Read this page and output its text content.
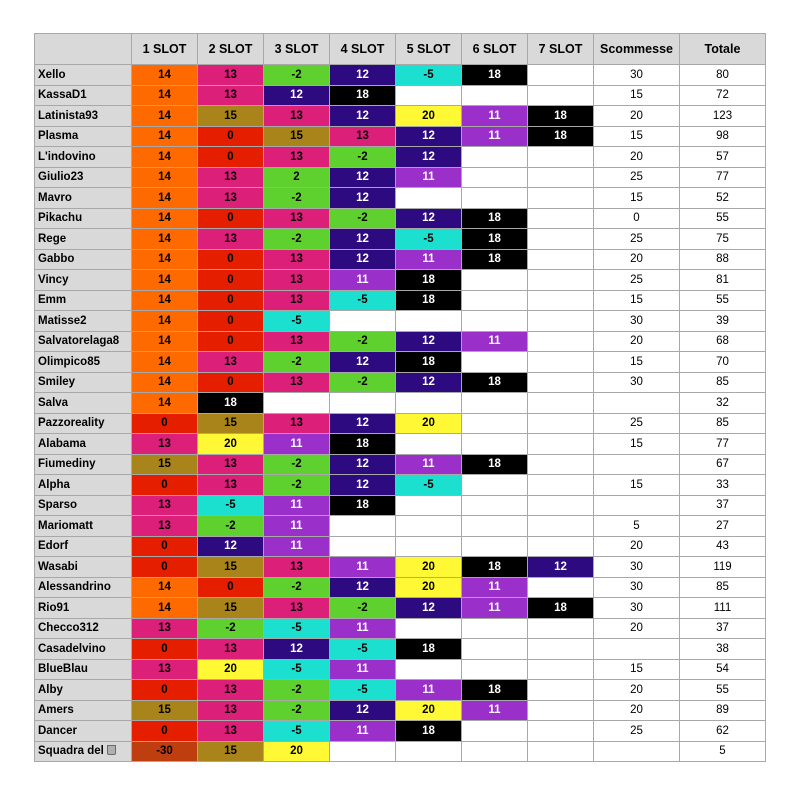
	1 SLOT	2 SLOT	3 SLOT	4 SLOT	5 SLOT	6 SLOT	7 SLOT	Scommesse	Totale
Xello	14	13	-2	12	-5	18		30	80
KassaD1	14	13	12	18				15	72
Latinista93	14	15	13	12	20	11	18	20	123
Plasma	14	0	15	13	12	11	18	15	98
L'indovino	14	0	13	-2	12			20	57
Giulio23	14	13	2	12	11			25	77
Mavro	14	13	-2	12				15	52
Pikachu	14	0	13	-2	12	18		0	55
Rege	14	13	-2	12	-5	18		25	75
Gabbo	14	0	13	12	11	18		20	88
Vincy	14	0	13	11	18			25	81
Emm	14	0	13	-5	18			15	55
Matisse2	14	0	-5					30	39
Salvatorelaga8	14	0	13	-2	12	11		20	68
Olimpico85	14	13	-2	12	18			15	70
Smiley	14	0	13	-2	12	18		30	85
Salva	14	18							32
Pazzoreality	0	15	13	12	20			25	85
Alabama	13	20	11	18				15	77
Fiumediny	15	13	-2	12	11	18			67
Alpha	0	13	-2	12	-5			15	33
Sparso	13	-5	11	18					37
Mariomatt	13	-2	11					5	27
Edorf	0	12	11					20	43
Wasabi	0	15	13	11	20	18	12	30	119
Alessandrino	14	0	-2	12	20	11		30	85
Rio91	14	15	13	-2	12	11	18	30	111
Checco312	13	-2	-5	11				20	37
Casadelvino	0	13	12	-5	18				38
BlueBlau	13	20	-5	11				15	54
Alby	0	13	-2	-5	11	18		20	55
Amers	15	13	-2	12	20	11		20	89
Dancer	0	13	-5	11	18			25	62
Squadra del	-30	15	20						5
